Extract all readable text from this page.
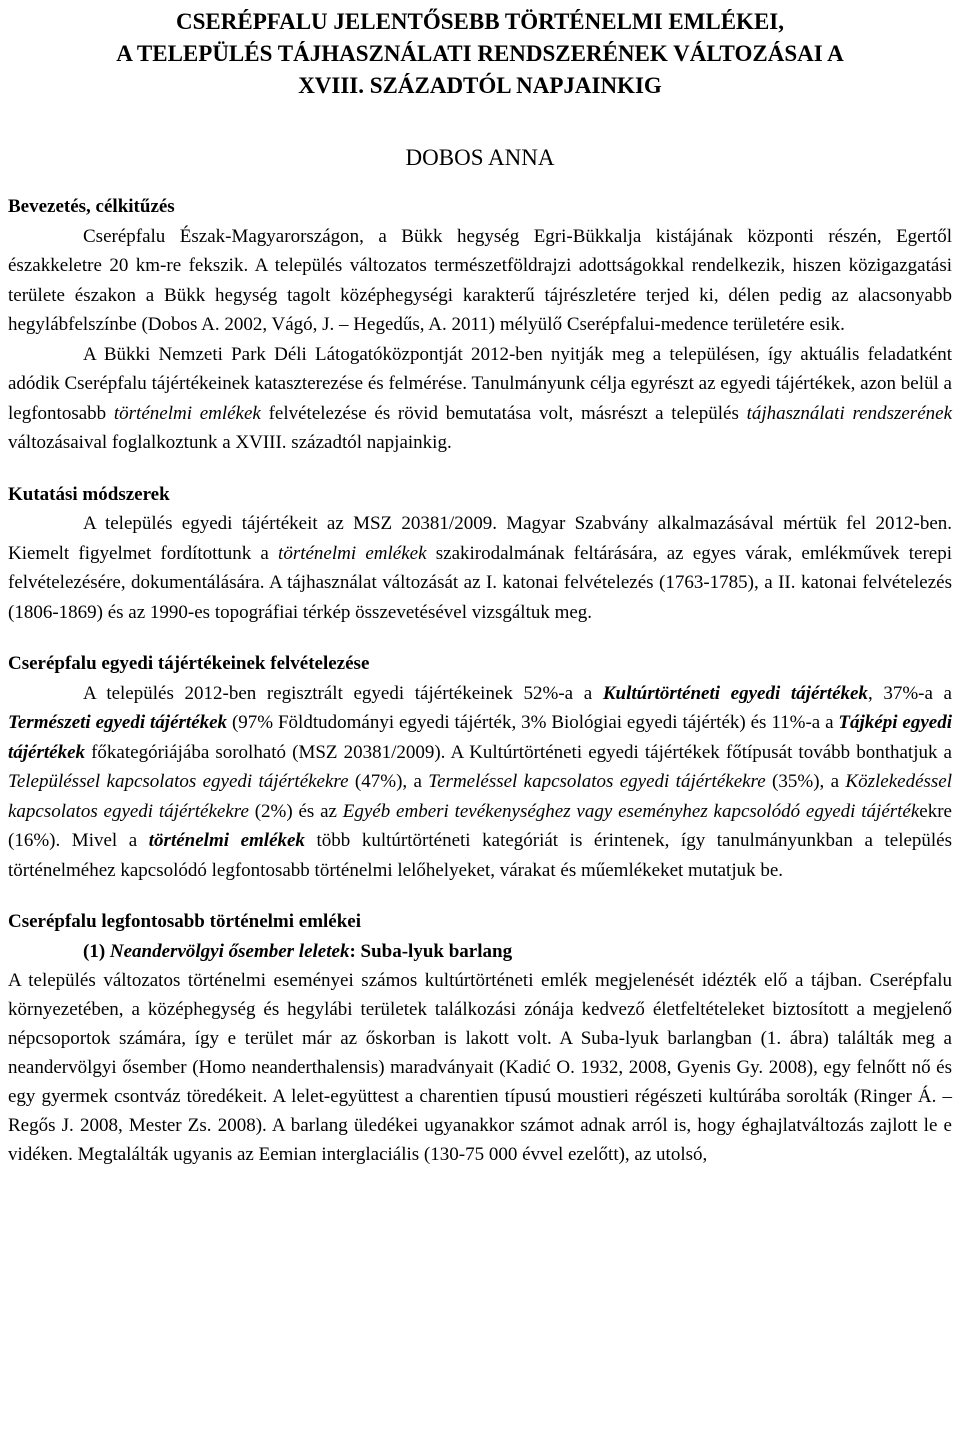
CSERÉPFALU JELENTŐSEBB TÖRTÉNELMI EMLÉKEI,
A TELEPÜLÉS TÁJHASZNÁLATI RENDSZERÉNEK VÁLTOZÁSAI A
XVIII. SZÁZADTÓL NAPJAINKIG
DOBOS ANNA
Bevezetés, célkitűzés
Cserépfalu Észak-Magyarországon, a Bükk hegység Egri-Bükkalja kistájának központi részén, Egertől északkeletre 20 km-re fekszik. A település változatos természetföldrajzi adottságokkal rendelkezik, hiszen közigazgatási területe északon a Bükk hegység tagolt középhegységi karakterű tájrészletére terjed ki, délen pedig az alacsonyabb hegylábfelszínbe (Dobos A. 2002, Vágó, J. – Hegedűs, A. 2011) mélyülő Cserépfalui-medence területére esik.
A Bükki Nemzeti Park Déli Látogatóközpontját 2012-ben nyitják meg a településen, így aktuális feladatként adódik Cserépfalu tájértékeinek kataszterezése és felmérése. Tanulmányunk célja egyrészt az egyedi tájértékek, azon belül a legfontosabb történelmi emlékek felvételezése és rövid bemutatása volt, másrészt a település tájhasználati rendszerének változásaival foglalkoztunk a XVIII. századtól napjainkig.
Kutatási módszerek
A település egyedi tájértékeit az MSZ 20381/2009. Magyar Szabvány alkalmazásával mértük fel 2012-ben. Kiemelt figyelmet fordítottunk a történelmi emlékek szakirodalmának feltárására, az egyes várak, emlékművek terepi felvételezésére, dokumentálására. A tájhasználat változását az I. katonai felvételezés (1763-1785), a II. katonai felvételezés (1806-1869) és az 1990-es topográfiai térkép összevetésével vizsgáltuk meg.
Cserépfalu egyedi tájértékeinek felvételezése
A település 2012-ben regisztrált egyedi tájértékeinek 52%-a a Kultúrtörténeti egyedi tájértékek, 37%-a a Természeti egyedi tájértékek (97% Földtudományi egyedi tájérték, 3% Biológiai egyedi tájérték) és 11%-a a Tájképi egyedi tájértékek főkategóriájába sorolható (MSZ 20381/2009). A Kultúrtörténeti egyedi tájértékek főtípusát tovább bonthatjuk a Településsel kapcsolatos egyedi tájértékekre (47%), a Termeléssel kapcsolatos egyedi tájértékekre (35%), a Közlekedéssel kapcsolatos egyedi tájértékekre (2%) és az Egyéb emberi tevékenységhez vagy eseményhez kapcsolódó egyedi tájértékekre (16%). Mivel a történelmi emlékek több kultúrtörténeti kategóriát is érintenek, így tanulmányunkban a település történelméhez kapcsolódó legfontosabb történelmi lelőhelyeket, várakat és műemlékeket mutatjuk be.
Cserépfalu legfontosabb történelmi emlékei
(1) Neandervölgyi ősember leletek: Suba-lyuk barlang
A település változatos történelmi eseményei számos kultúrtörténeti emlék megjelenését idézték elő a tájban. Cserépfalu környezetében, a középhegység és hegylábi területek találkozási zónája kedvező életfeltételeket biztosított a megjelenő népcsoportok számára, így e terület már az őskorban is lakott volt. A Suba-lyuk barlangban (1. ábra) találták meg a neandervölgyi ősember (Homo neanderthalensis) maradványait (Kadić O. 1932, 2008, Gyenis Gy. 2008), egy felnőtt nő és egy gyermek csontváz töredékeit. A lelet-együttest a charentien típusú moustieri régészeti kultúrába sorolták (Ringer Á. – Regős J. 2008, Mester Zs. 2008). A barlang üledékei ugyanakkor számot adnak arról is, hogy éghajlatváltozás zajlott le e vidéken. Megtalálták ugyanis az Eemian interglaciális (130-75 000 évvel ezelőtt), az utolsó,
